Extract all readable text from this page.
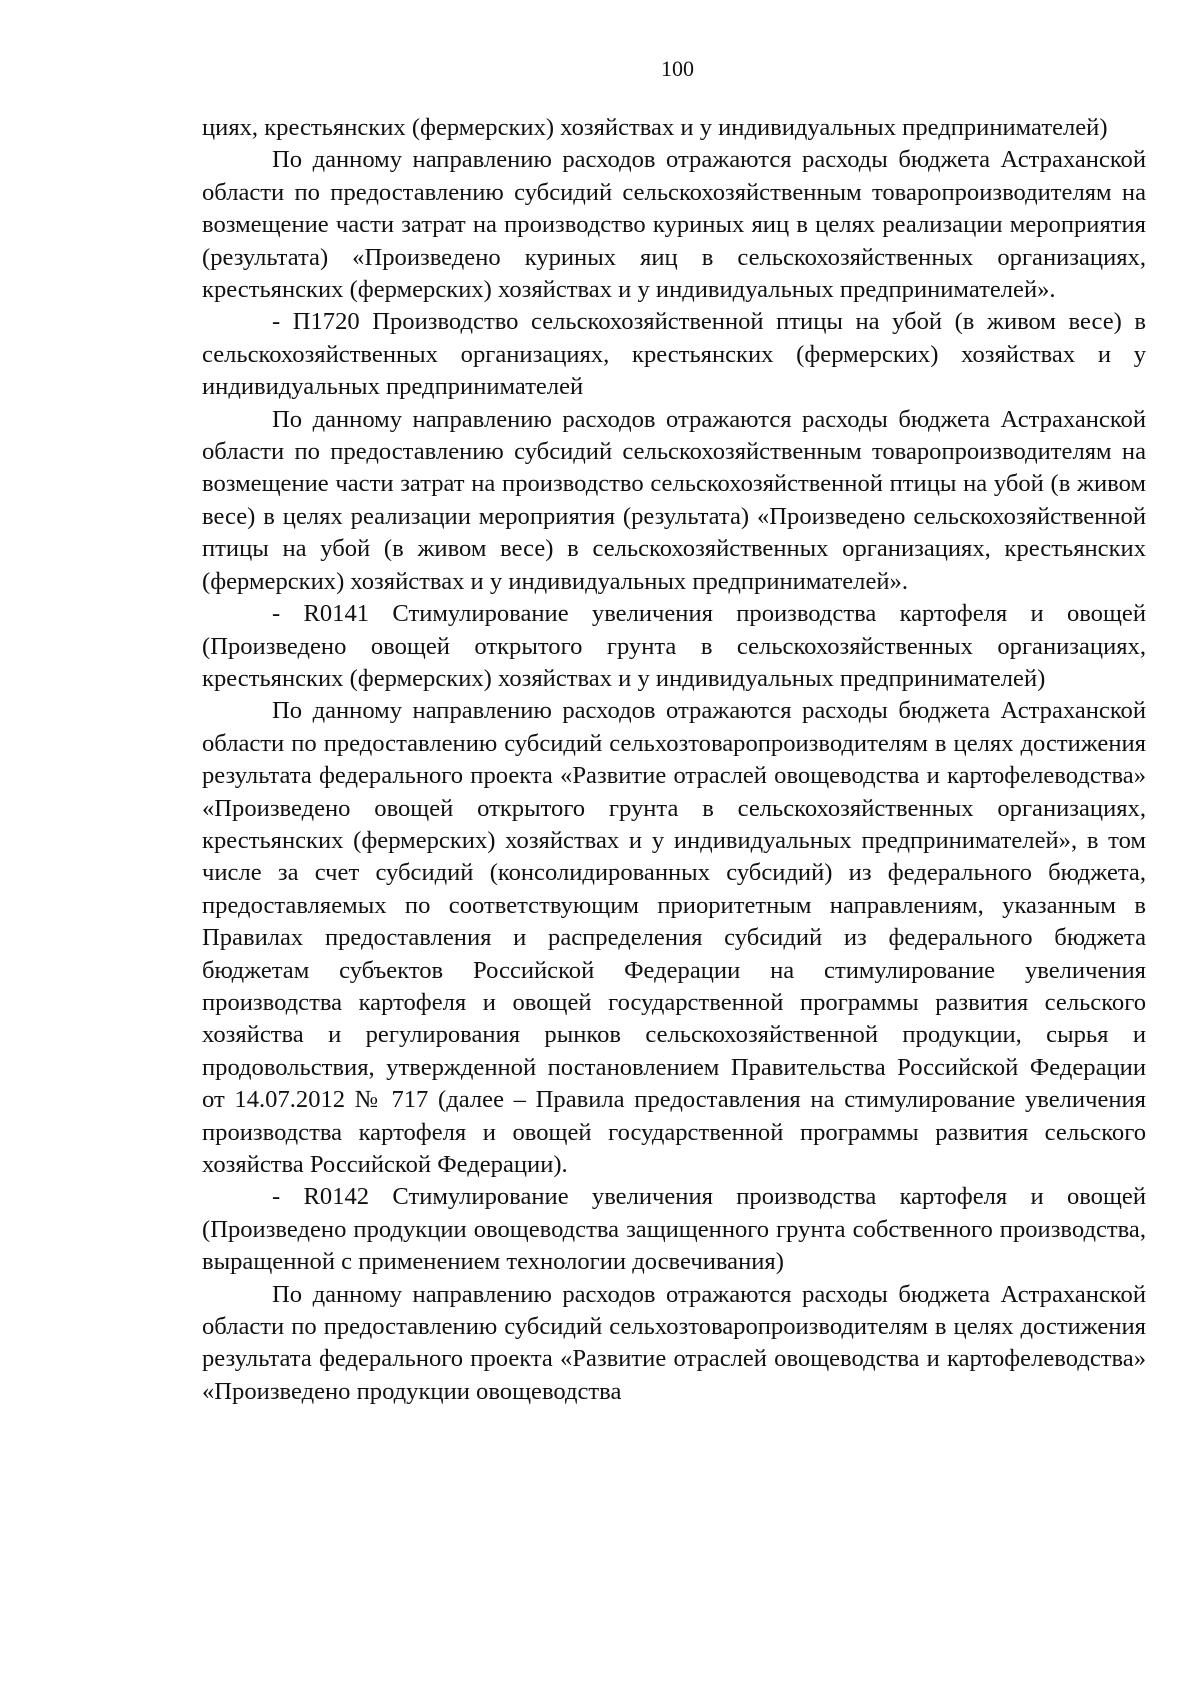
100

циях, крестьянских (фермерских) хозяйствах и у индивидуальных предпринимателей)

По данному направлению расходов отражаются расходы бюджета Астраханской области по предоставлению субсидий сельскохозяйственным товаропроизводителям на возмещение части затрат на производство куриных яиц в целях реализации мероприятия (результата) «Произведено куриных яиц в сельскохозяйственных организациях, крестьянских (фермерских) хозяйствах и у индивидуальных предпринимателей».

- П1720 Производство сельскохозяйственной птицы на убой (в живом весе) в сельскохозяйственных организациях, крестьянских (фермерских) хозяйствах и у индивидуальных предпринимателей

По данному направлению расходов отражаются расходы бюджета Астраханской области по предоставлению субсидий сельскохозяйственным товаропроизводителям на возмещение части затрат на производство сельскохозяйственной птицы на убой (в живом весе) в целях реализации мероприятия (результата) «Произведено сельскохозяйственной птицы на убой (в живом весе) в сельскохозяйственных организациях, крестьянских (фермерских) хозяйствах и у индивидуальных предпринимателей».

- R0141 Стимулирование увеличения производства картофеля и овощей (Произведено овощей открытого грунта в сельскохозяйственных организациях, крестьянских (фермерских) хозяйствах и у индивидуальных предпринимателей)

По данному направлению расходов отражаются расходы бюджета Астраханской области по предоставлению субсидий сельхозтоваропроизводителям в целях достижения результата федерального проекта «Развитие отраслей овощеводства и картофелеводства» «Произведено овощей открытого грунта в сельскохозяйственных организациях, крестьянских (фермерских) хозяйствах и у индивидуальных предпринимателей», в том числе за счет субсидий (консолидированных субсидий) из федерального бюджета, предоставляемых по соответствующим приоритетным направлениям, указанным в Правилах предоставления и распределения субсидий из федерального бюджета бюджетам субъектов Российской Федерации на стимулирование увеличения производства картофеля и овощей государственной программы развития сельского хозяйства и регулирования рынков сельскохозяйственной продукции, сырья и продовольствия, утвержденной постановлением Правительства Российской Федерации от 14.07.2012 № 717 (далее – Правила предоставления на стимулирование увеличения производства картофеля и овощей государственной программы развития сельского хозяйства Российской Федерации).

- R0142 Стимулирование увеличения производства картофеля и овощей (Произведено продукции овощеводства защищенного грунта собственного производства, выращенной с применением технологии досвечивания)

По данному направлению расходов отражаются расходы бюджета Астраханской области по предоставлению субсидий сельхозтоваропроизводителям в целях достижения результата федерального проекта «Развитие отраслей овощеводства и картофелеводства» «Произведено продукции овощеводства
